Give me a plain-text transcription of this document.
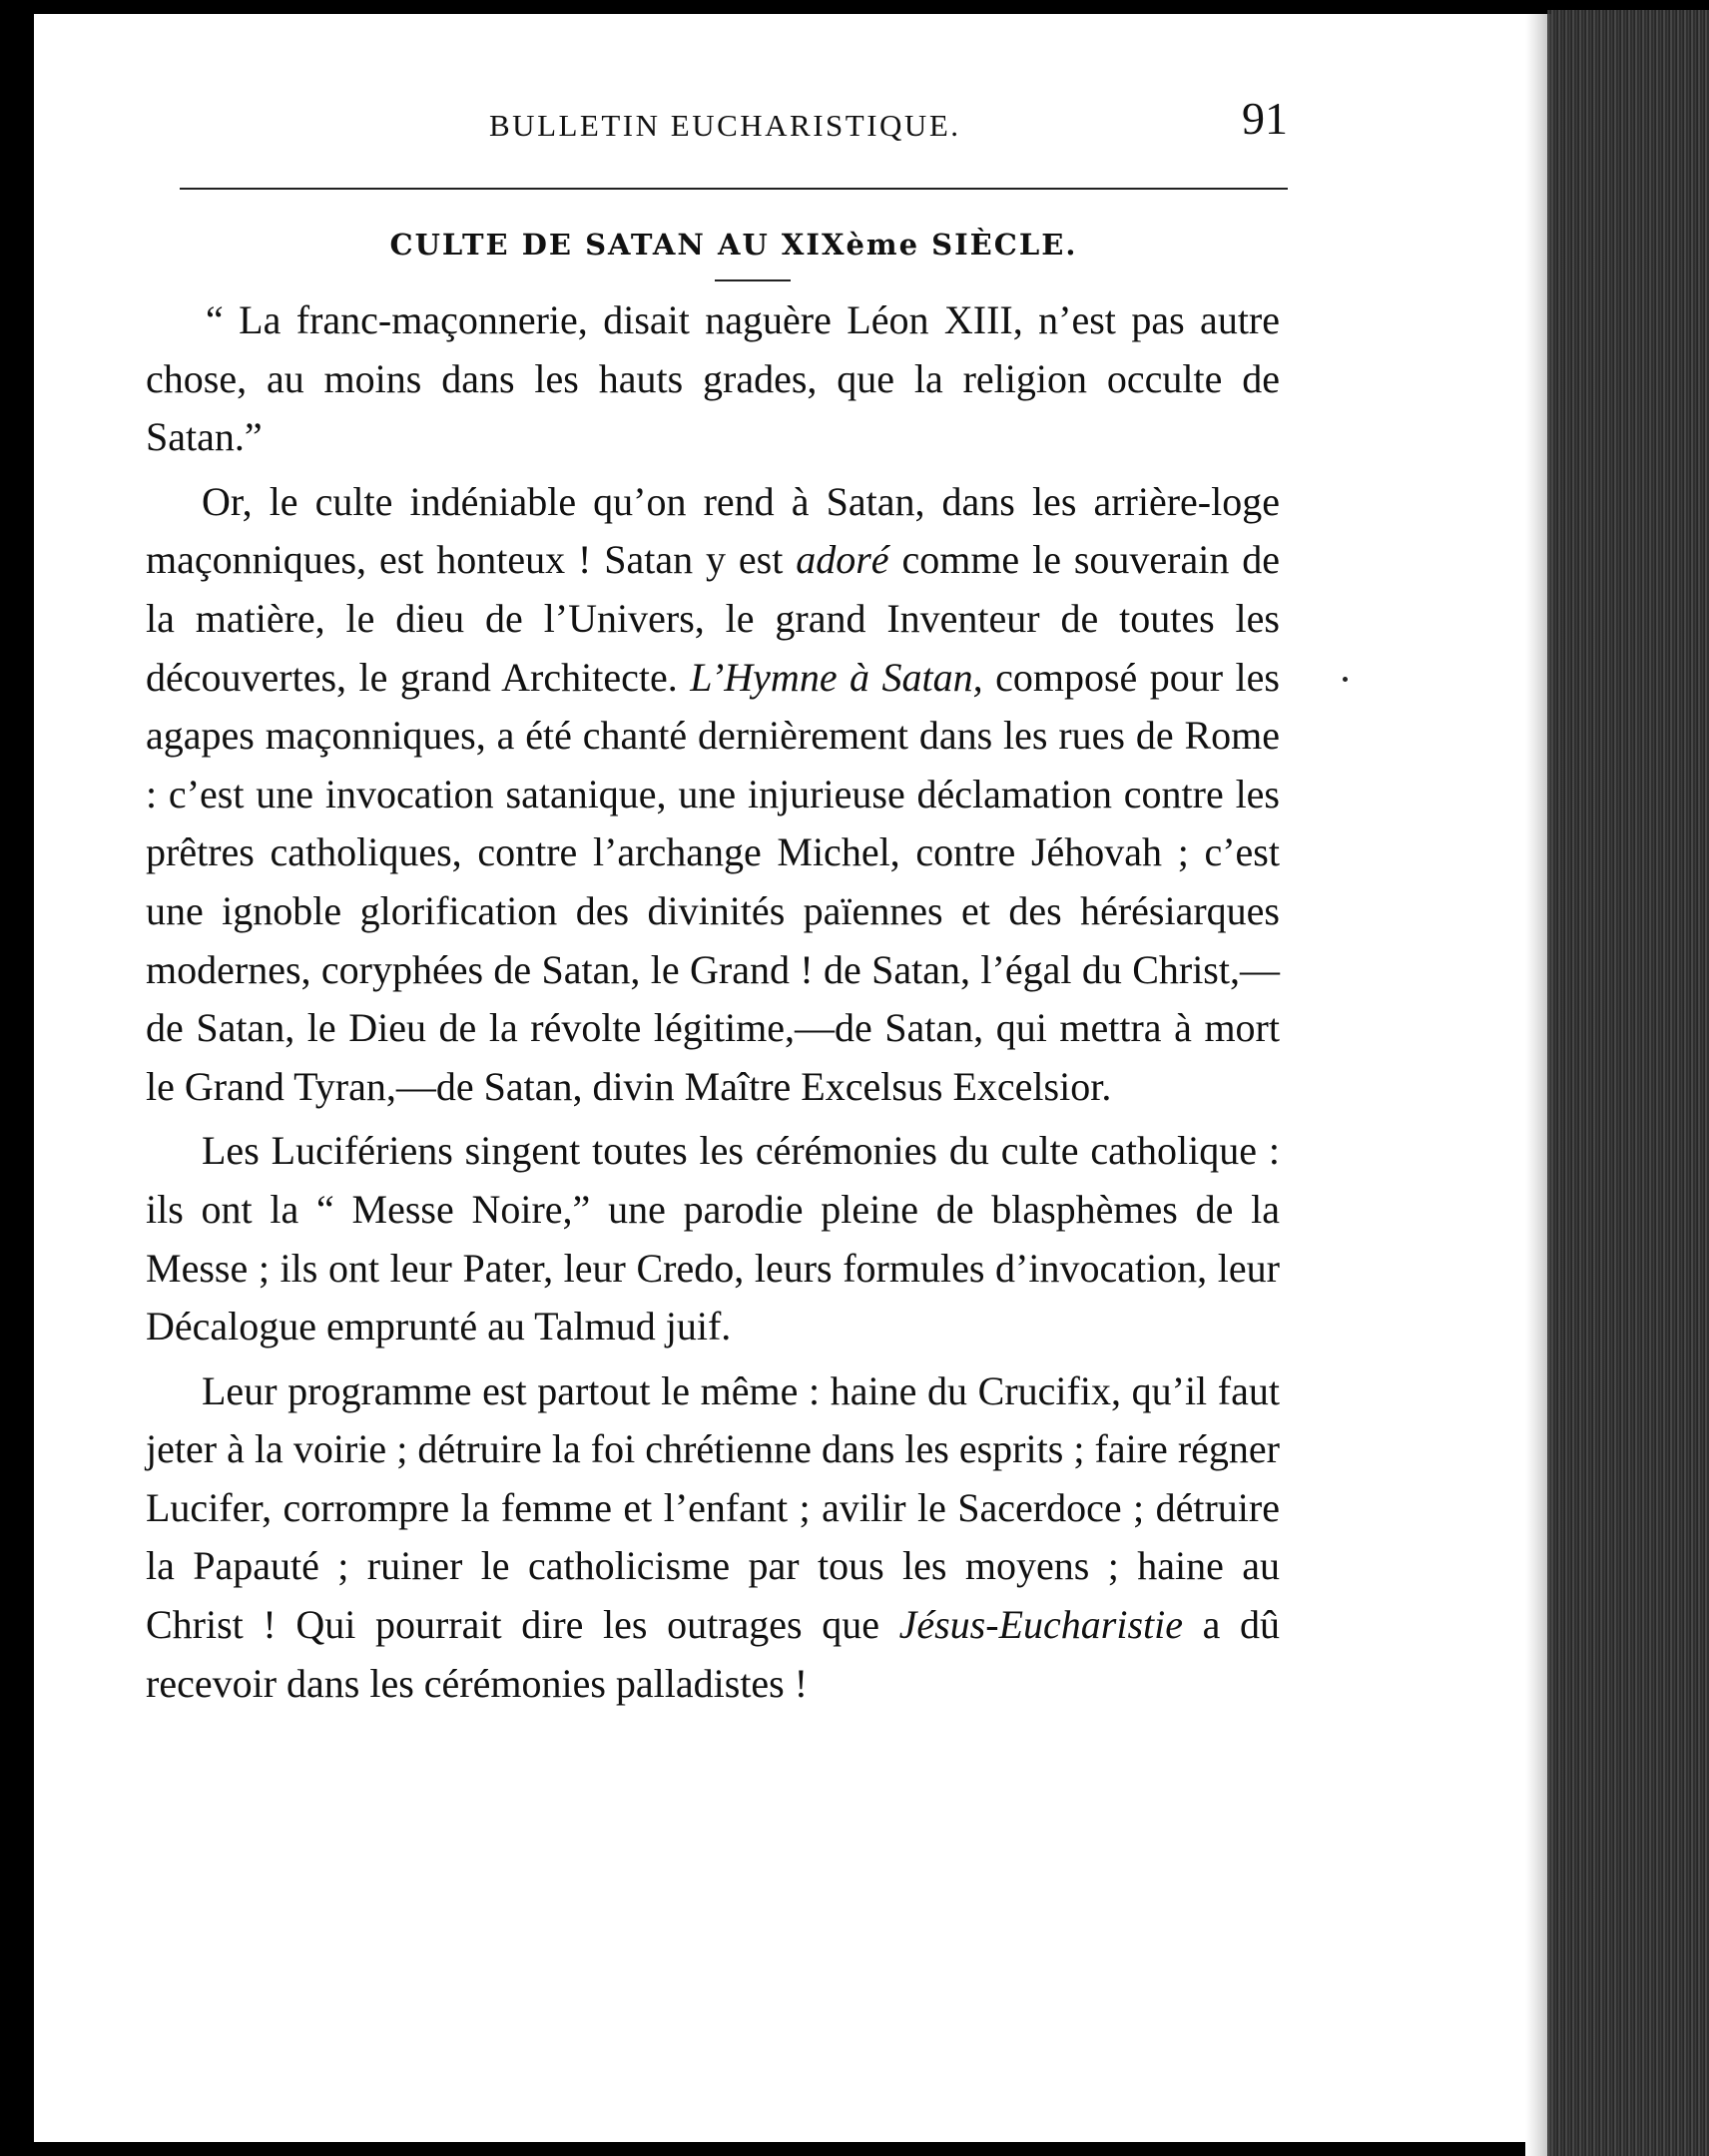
BULLETIN EUCHARISTIQUE.	91
CULTE DE SATAN AU XIXème SIÈCLE.

“ La franc-maçonnerie, disait naguère Léon XIII, n’est pas autre chose, au moins dans les hauts grades, que la religion occulte de Satan.”

Or, le culte indéniable qu’on rend à Satan, dans les arrière-loge maçonniques, est honteux ! Satan y est adoré comme le souverain de la matière, le dieu de l’Univers, le grand Inventeur de toutes les découvertes, le grand Architecte. L’Hymne à Satan, composé pour les agapes maçonniques, a été chanté dernièrement dans les rues de Rome : c’est une invocation satanique, une injurieuse déclamation contre les prêtres catholiques, contre l’archange Michel, contre Jéhovah ; c’est une ignoble glorification des divinités païennes et des hérésiarques modernes, coryphées de Satan, le Grand ! de Satan, l’égal du Christ,—de Satan, le Dieu de la révolte légitime,—de Satan, qui mettra à mort le Grand Tyran,—de Satan, divin Maître Excelsus Excelsior.

Les Lucifériens singent toutes les cérémonies du culte catholique : ils ont la “ Messe Noire,” une parodie pleine de blasphèmes de la Messe ; ils ont leur Pater, leur Credo, leurs formules d’invocation, leur Décalogue emprunté au Talmud juif.

Leur programme est partout le même : haine du Crucifix, qu’il faut jeter à la voirie ; détruire la foi chrétienne dans les esprits ; faire régner Lucifer, corrompre la femme et l’enfant ; avilir le Sacerdoce ; détruire la Papauté ; ruiner le catholicisme par tous les moyens ; haine au Christ ! Qui pourrait dire les outrages que Jésus-Eucharistie a dû recevoir dans les cérémonies palladistes !
